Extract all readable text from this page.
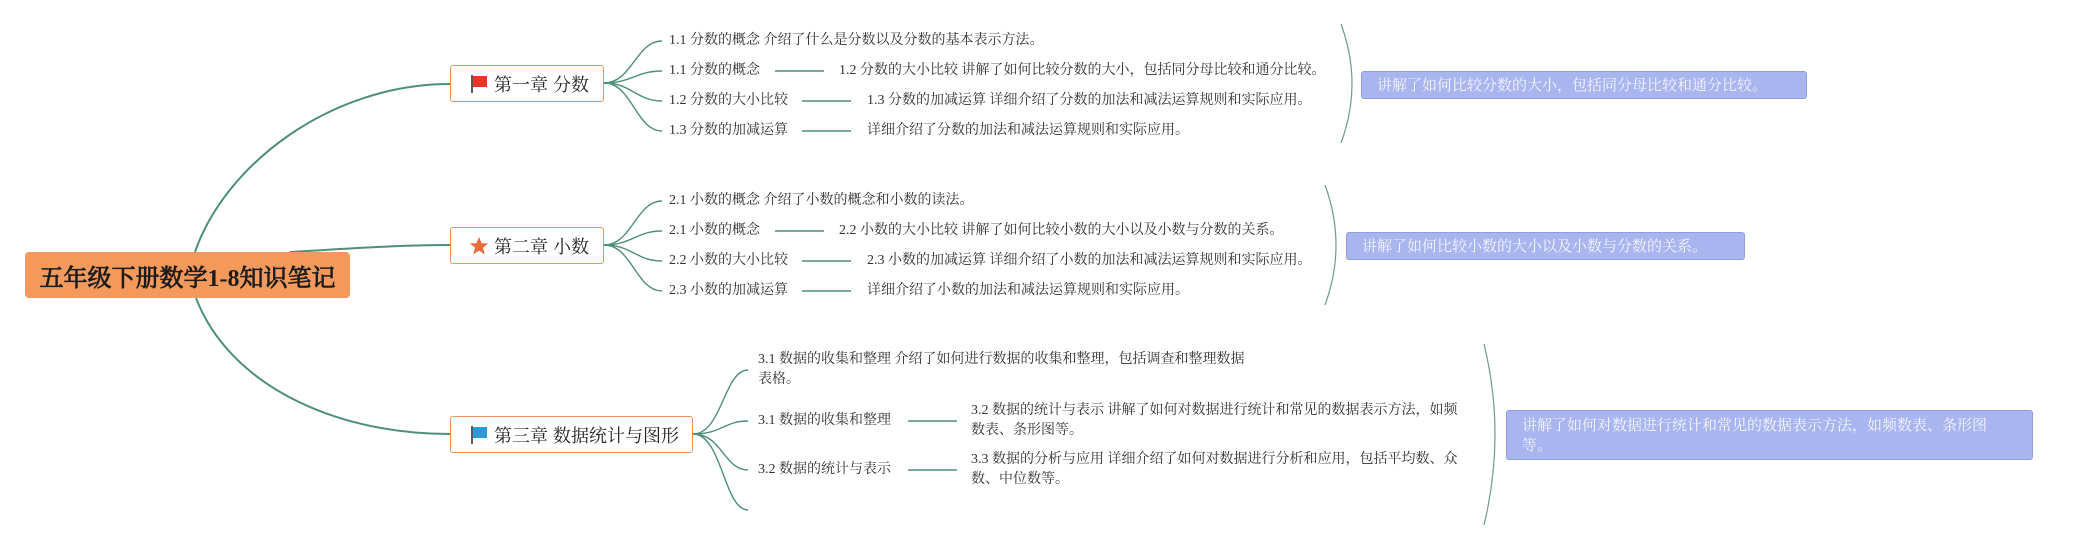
五年级下册数学1-8知识笔记
第一章 分数
1.1 分数的概念 介绍了什么是分数以及分数的基本表示方法。
1.1 分数的概念	1.2 分数的大小比较 讲解了如何比较分数的大小，包括同分母比较和通分比较。
1.2 分数的大小比较	1.3 分数的加减运算 详细介绍了分数的加法和减法运算规则和实际应用。
1.3 分数的加减运算	详细介绍了分数的加法和减法运算规则和实际应用。
讲解了如何比较分数的大小，包括同分母比较和通分比较。
第二章 小数
2.1 小数的概念 介绍了小数的概念和小数的读法。
2.1 小数的概念	2.2 小数的大小比较 讲解了如何比较小数的大小以及小数与分数的关系。
2.2 小数的大小比较	2.3 小数的加减运算 详细介绍了小数的加法和减法运算规则和实际应用。
2.3 小数的加减运算	详细介绍了小数的加法和减法运算规则和实际应用。
讲解了如何比较小数的大小以及小数与分数的关系。
第三章 数据统计与图形
3.1 数据的收集和整理 介绍了如何进行数据的收集和整理，包括调查和整理数据
表格。
3.1 数据的收集和整理
3.2 数据的统计与表示 讲解了如何对数据进行统计和常见的数据表示方法，如频
数表、条形图等。
3.2 数据的统计与表示
3.3 数据的分析与应用 详细介绍了如何对数据进行分析和应用，包括平均数、众
数、中位数等。
讲解了如何对数据进行统计和常见的数据表示方法，如频数表、条形图
等。
